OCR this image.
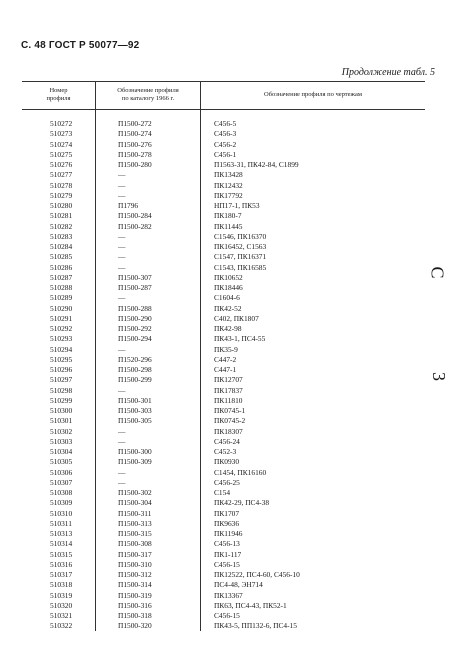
С. 48 ГОСТ Р 50077—92
Продолжение табл. 5
Номер
профиля
Обозначение профиля
по каталогу 1966 г.
Обозначение профиля по чертежам
510272	П1500-272	С456-5
510273	П1500-274	С456-3
510274	П1500-276	С456-2
510275	П1500-278	С456-1
510276	П1500-280	П1563-31, ПК42-84, С1899
510277	—	ПК13428
510278	—	ПК12432
510279	—	ПК17792
510280	П1796	НП17-1, ПК53
510281	П1500-284	ПК180-7
510282	П1500-282	ПК11445
510283	—	С1546, ПК16370
510284	—	ПК16452, С1563
510285	—	С1547, ПК16371
510286	—	С1543, ПК16585
510287	П1500-307	ПК10652
510288	П1500-287	ПК18446
510289	—	С1604-6
510290	П1500-288	ПК42-52
510291	П1500-290	С402, ПК1807
510292	П1500-292	ПК42-98
510293	П1500-294	ПК43-1, ПС4-55
510294	—	ПК35-9
510295	П1520-296	С447-2
510296	П1500-298	С447-1
510297	П1500-299	ПК12707
510298	—	ПК17837
510299	П1500-301	ПК11810
510300	П1500-303	ПК0745-1
510301	П1500-305	ПК0745-2
510302	—	ПК18307
510303	—	С456-24
510304	П1500-300	С452-3
510305	П1500-309	ПК0930
510306	—	С1454, ПК16160
510307	—	С456-25
510308	П1500-302	С154
510309	П1500-304	ПК42-29, ПС4-38
510310	П1500-311	ПК1707
510311	П1500-313	ПК9636
510313	П1500-315	ПК11946
510314	П1500-308	С456-13
510315	П1500-317	ПК1-117
510316	П1500-310	С456-15
510317	П1500-312	ПК12522, ПС4-60, С456-10
510318	П1500-314	ПС4-48, ЭН714
510319	П1500-319	ПК13367
510320	П1500-316	ПК63, ПС4-43, ПК52-1
510321	П1500-318	С456-15
510322	П1500-320	ПК43-5, ПП132-6, ПС4-15
С
3
